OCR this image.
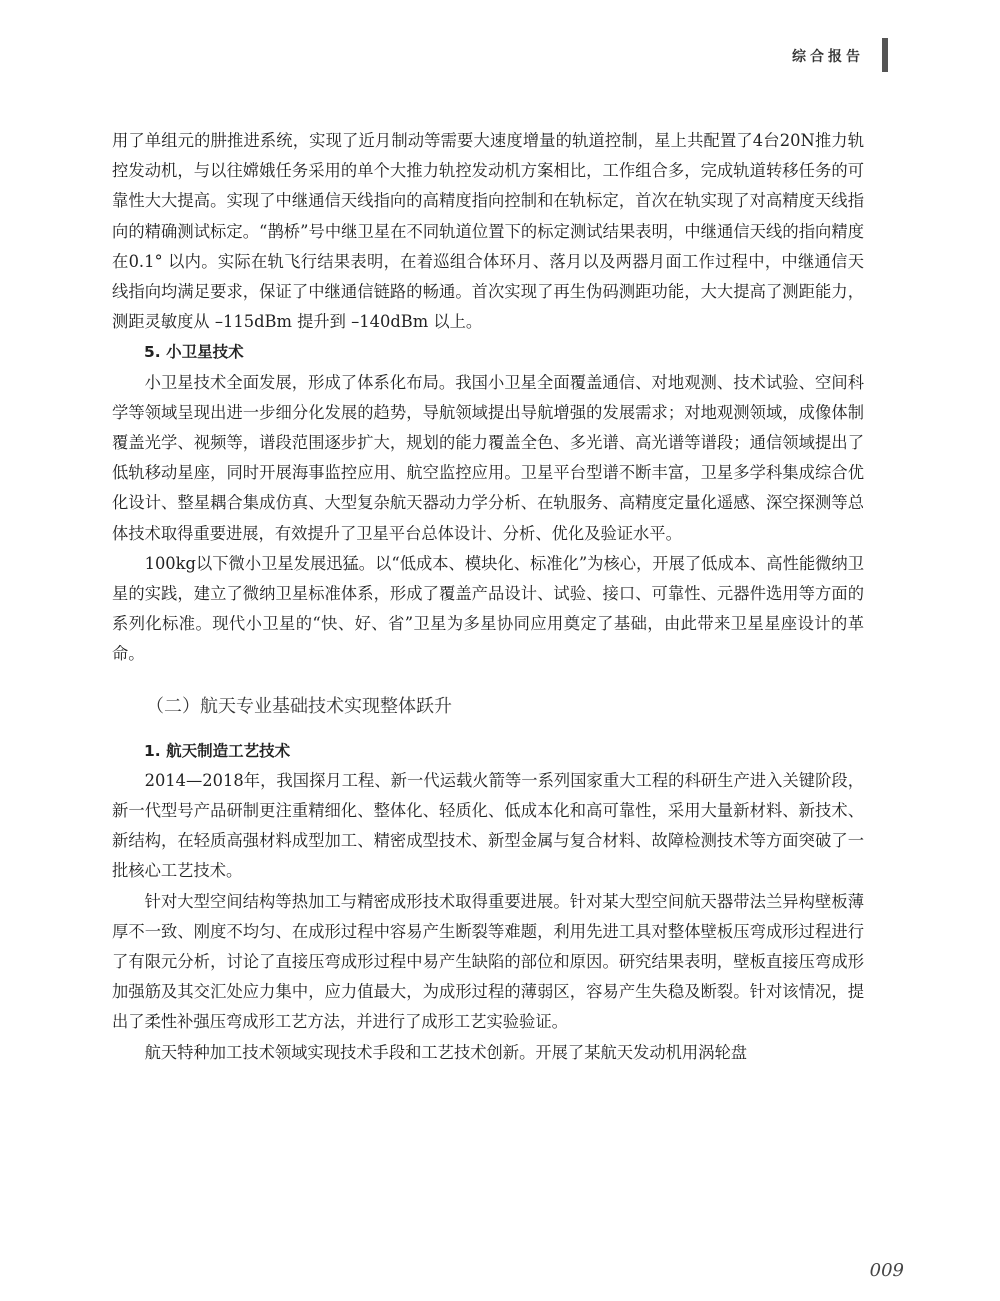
综合报告

用了单组元的肼推进系统，实现了近月制动等需要大速度增量的轨道控制，星上共配置了4台20N推力轨控发动机，与以往嫦娥任务采用的单个大推力轨控发动机方案相比，工作组合多，完成轨道转移任务的可靠性大大提高。实现了中继通信天线指向的高精度指向控制和在轨标定，首次在轨实现了对高精度天线指向的精确测试标定。“鹊桥”号中继卫星在不同轨道位置下的标定测试结果表明，中继通信天线的指向精度在0.1° 以内。实际在轨飞行结果表明，在着巡组合体环月、落月以及两器月面工作过程中，中继通信天线指向均满足要求，保证了中继通信链路的畅通。首次实现了再生伪码测距功能，大大提高了测距能力，测距灵敏度从 –115dBm 提升到 –140dBm 以上。

5. 小卫星技术

小卫星技术全面发展，形成了体系化布局。我国小卫星全面覆盖通信、对地观测、技术试验、空间科学等领域呈现出进一步细分化发展的趋势，导航领域提出导航增强的发展需求；对地观测领域，成像体制覆盖光学、视频等，谱段范围逐步扩大，规划的能力覆盖全色、多光谱、高光谱等谱段；通信领域提出了低轨移动星座，同时开展海事监控应用、航空监控应用。卫星平台型谱不断丰富，卫星多学科集成综合优化设计、整星耦合集成仿真、大型复杂航天器动力学分析、在轨服务、高精度定量化遥感、深空探测等总体技术取得重要进展，有效提升了卫星平台总体设计、分析、优化及验证水平。

100kg以下微小卫星发展迅猛。以“低成本、模块化、标准化”为核心，开展了低成本、高性能微纳卫星的实践，建立了微纳卫星标准体系，形成了覆盖产品设计、试验、接口、可靠性、元器件选用等方面的系列化标准。现代小卫星的“快、好、省”卫星为多星协同应用奠定了基础，由此带来卫星星座设计的革命。

（二）航天专业基础技术实现整体跃升

1. 航天制造工艺技术

2014—2018年，我国探月工程、新一代运载火箭等一系列国家重大工程的科研生产进入关键阶段，新一代型号产品研制更注重精细化、整体化、轻质化、低成本化和高可靠性，采用大量新材料、新技术、新结构，在轻质高强材料成型加工、精密成型技术、新型金属与复合材料、故障检测技术等方面突破了一批核心工艺技术。

针对大型空间结构等热加工与精密成形技术取得重要进展。针对某大型空间航天器带法兰异构壁板薄厚不一致、刚度不均匀、在成形过程中容易产生断裂等难题，利用先进工具对整体壁板压弯成形过程进行了有限元分析，讨论了直接压弯成形过程中易产生缺陷的部位和原因。研究结果表明，壁板直接压弯成形加强筋及其交汇处应力集中，应力值最大，为成形过程的薄弱区，容易产生失稳及断裂。针对该情况，提出了柔性补强压弯成形工艺方法，并进行了成形工艺实验验证。

航天特种加工技术领域实现技术手段和工艺技术创新。开展了某航天发动机用涡轮盘

009
